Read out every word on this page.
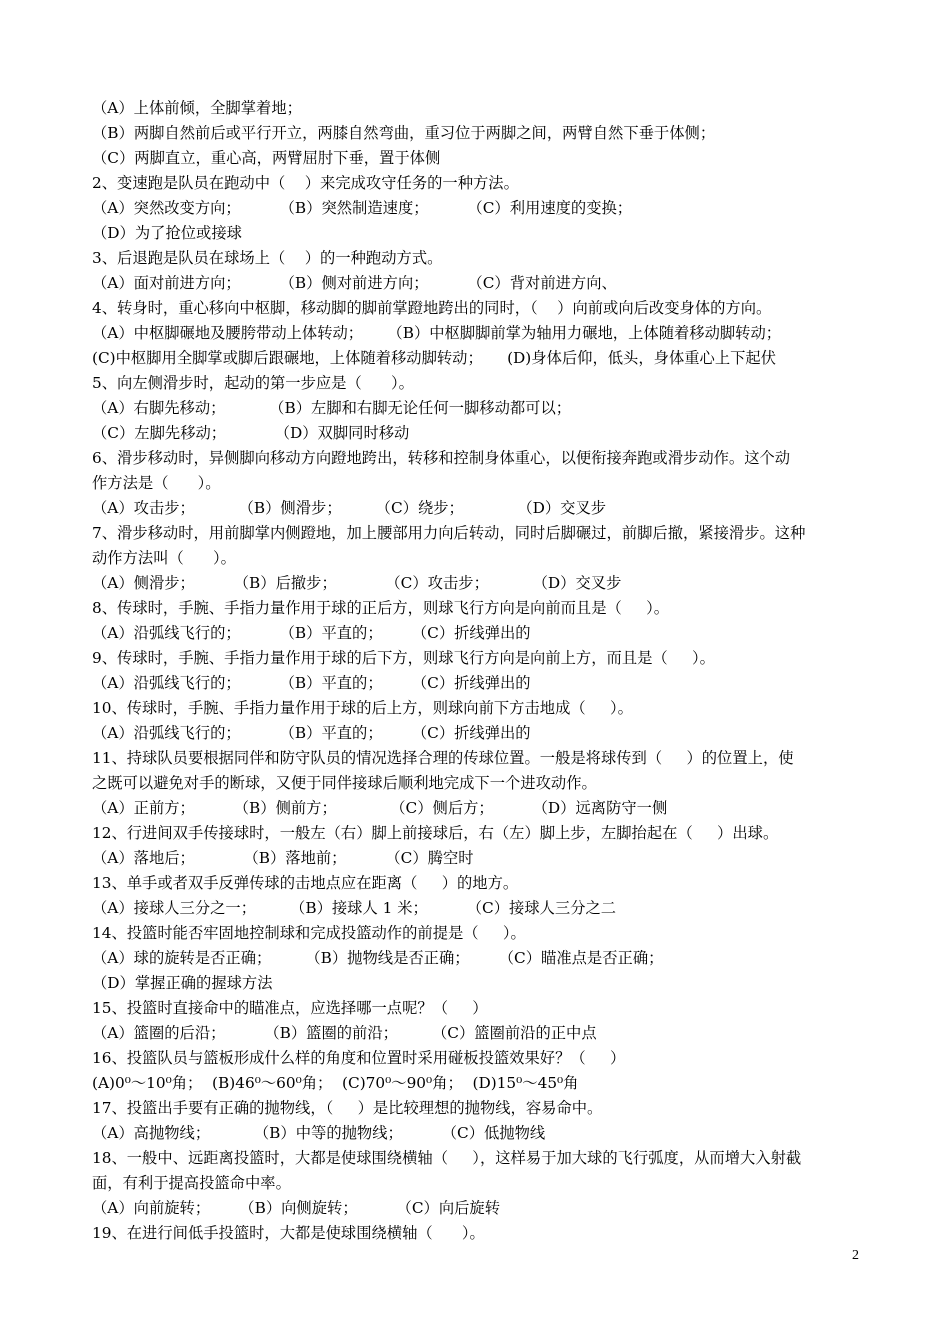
（A）上体前倾，全脚掌着地；
（B）两脚自然前后或平行开立，两膝自然弯曲，重习位于两脚之间，两臂自然下垂于体侧；
（C）两脚直立，重心高，两臂屈肘下垂，置于体侧
2、变速跑是队员在跑动中（    ）来完成攻守任务的一种方法。
（A）突然改变方向；        （B）突然制造速度；        （C）利用速度的变换；
（D）为了抢位或接球
3、后退跑是队员在球场上（    ）的一种跑动方式。
（A）面对前进方向；        （B）侧对前进方向；        （C）背对前进方向、
4、转身时，重心移向中枢脚，移动脚的脚前掌蹬地跨出的同时，（    ）向前或向后改变身体的方向。
（A）中枢脚碾地及腰胯带动上体转动；     （B）中枢脚脚前掌为轴用力碾地，上体随着移动脚转动；
(C)中枢脚用全脚掌或脚后跟碾地，上体随着移动脚转动；     (D)身体后仰，低头，身体重心上下起伏
5、向左侧滑步时，起动的第一步应是（      ）。
（A）右脚先移动；         （B）左脚和右脚无论任何一脚移动都可以；
（C）左脚先移动；          （D）双脚同时移动
6、滑步移动时，异侧脚向移动方向蹬地跨出，转移和控制身体重心，以便衔接奔跑或滑步动作。这个动
作方法是（      ）。
（A）攻击步；         （B）侧滑步；       （C）绕步；           （D）交叉步
7、滑步移动时，用前脚掌内侧蹬地，加上腰部用力向后转动，同时后脚碾过，前脚后撤，紧接滑步。这种
动作方法叫（      ）。
（A）侧滑步；        （B）后撤步；          （C）攻击步；         （D）交叉步
8、传球时，手腕、手指力量作用于球的正后方，则球飞行方向是向前而且是（     ）。
（A）沿弧线飞行的；        （B）平直的；      （C）折线弹出的
9、传球时，手腕、手指力量作用于球的后下方，则球飞行方向是向前上方，而且是（     ）。
（A）沿弧线飞行的；        （B）平直的；      （C）折线弹出的
10、传球时，手腕、手指力量作用于球的后上方，则球向前下方击地成（     ）。
（A）沿弧线飞行的；        （B）平直的；      （C）折线弹出的
11、持球队员要根据同伴和防守队员的情况选择合理的传球位置。一般是将球传到（     ）的位置上，使
之既可以避免对手的断球，又便于同伴接球后顺利地完成下一个进攻动作。
（A）正前方；        （B）侧前方；           （C）侧后方；        （D）远离防守一侧
12、行进间双手传接球时，一般左（右）脚上前接球后，右（左）脚上步，左脚抬起在（     ）出球。
（A）落地后；          （B）落地前；        （C）腾空时
13、单手或者双手反弹传球的击地点应在距离（     ）的地方。
（A）接球人三分之一；       （B）接球人 1 米；        （C）接球人三分之二
14、投篮时能否牢固地控制球和完成投篮动作的前提是（     ）。
（A）球的旋转是否正确；       （B）抛物线是否正确；      （C）瞄准点是否正确；
（D）掌握正确的握球方法
15、投篮时直接命中的瞄准点，应选择哪一点呢？（     ）
（A）篮圈的后沿；        （B）篮圈的前沿；       （C）篮圈前沿的正中点
16、投篮队员与篮板形成什么样的角度和位置时采用碰板投篮效果好？（     ）
(A)0⁰～10⁰角；  (B)46⁰～60⁰角；  (C)70⁰～90⁰角；  (D)15⁰～45⁰角
17、投篮出手要有正确的抛物线，（     ）是比较理想的抛物线，容易命中。
（A）高抛物线；         （B）中等的抛物线；        （C）低抛物线
18、一般中、远距离投篮时，大都是使球围绕横轴（     ），这样易于加大球的飞行弧度，从而增大入射截
面，有利于提高投篮命中率。
（A）向前旋转；      （B）向侧旋转；        （C）向后旋转
19、在进行间低手投篮时，大都是使球围绕横轴（      ）。
2
